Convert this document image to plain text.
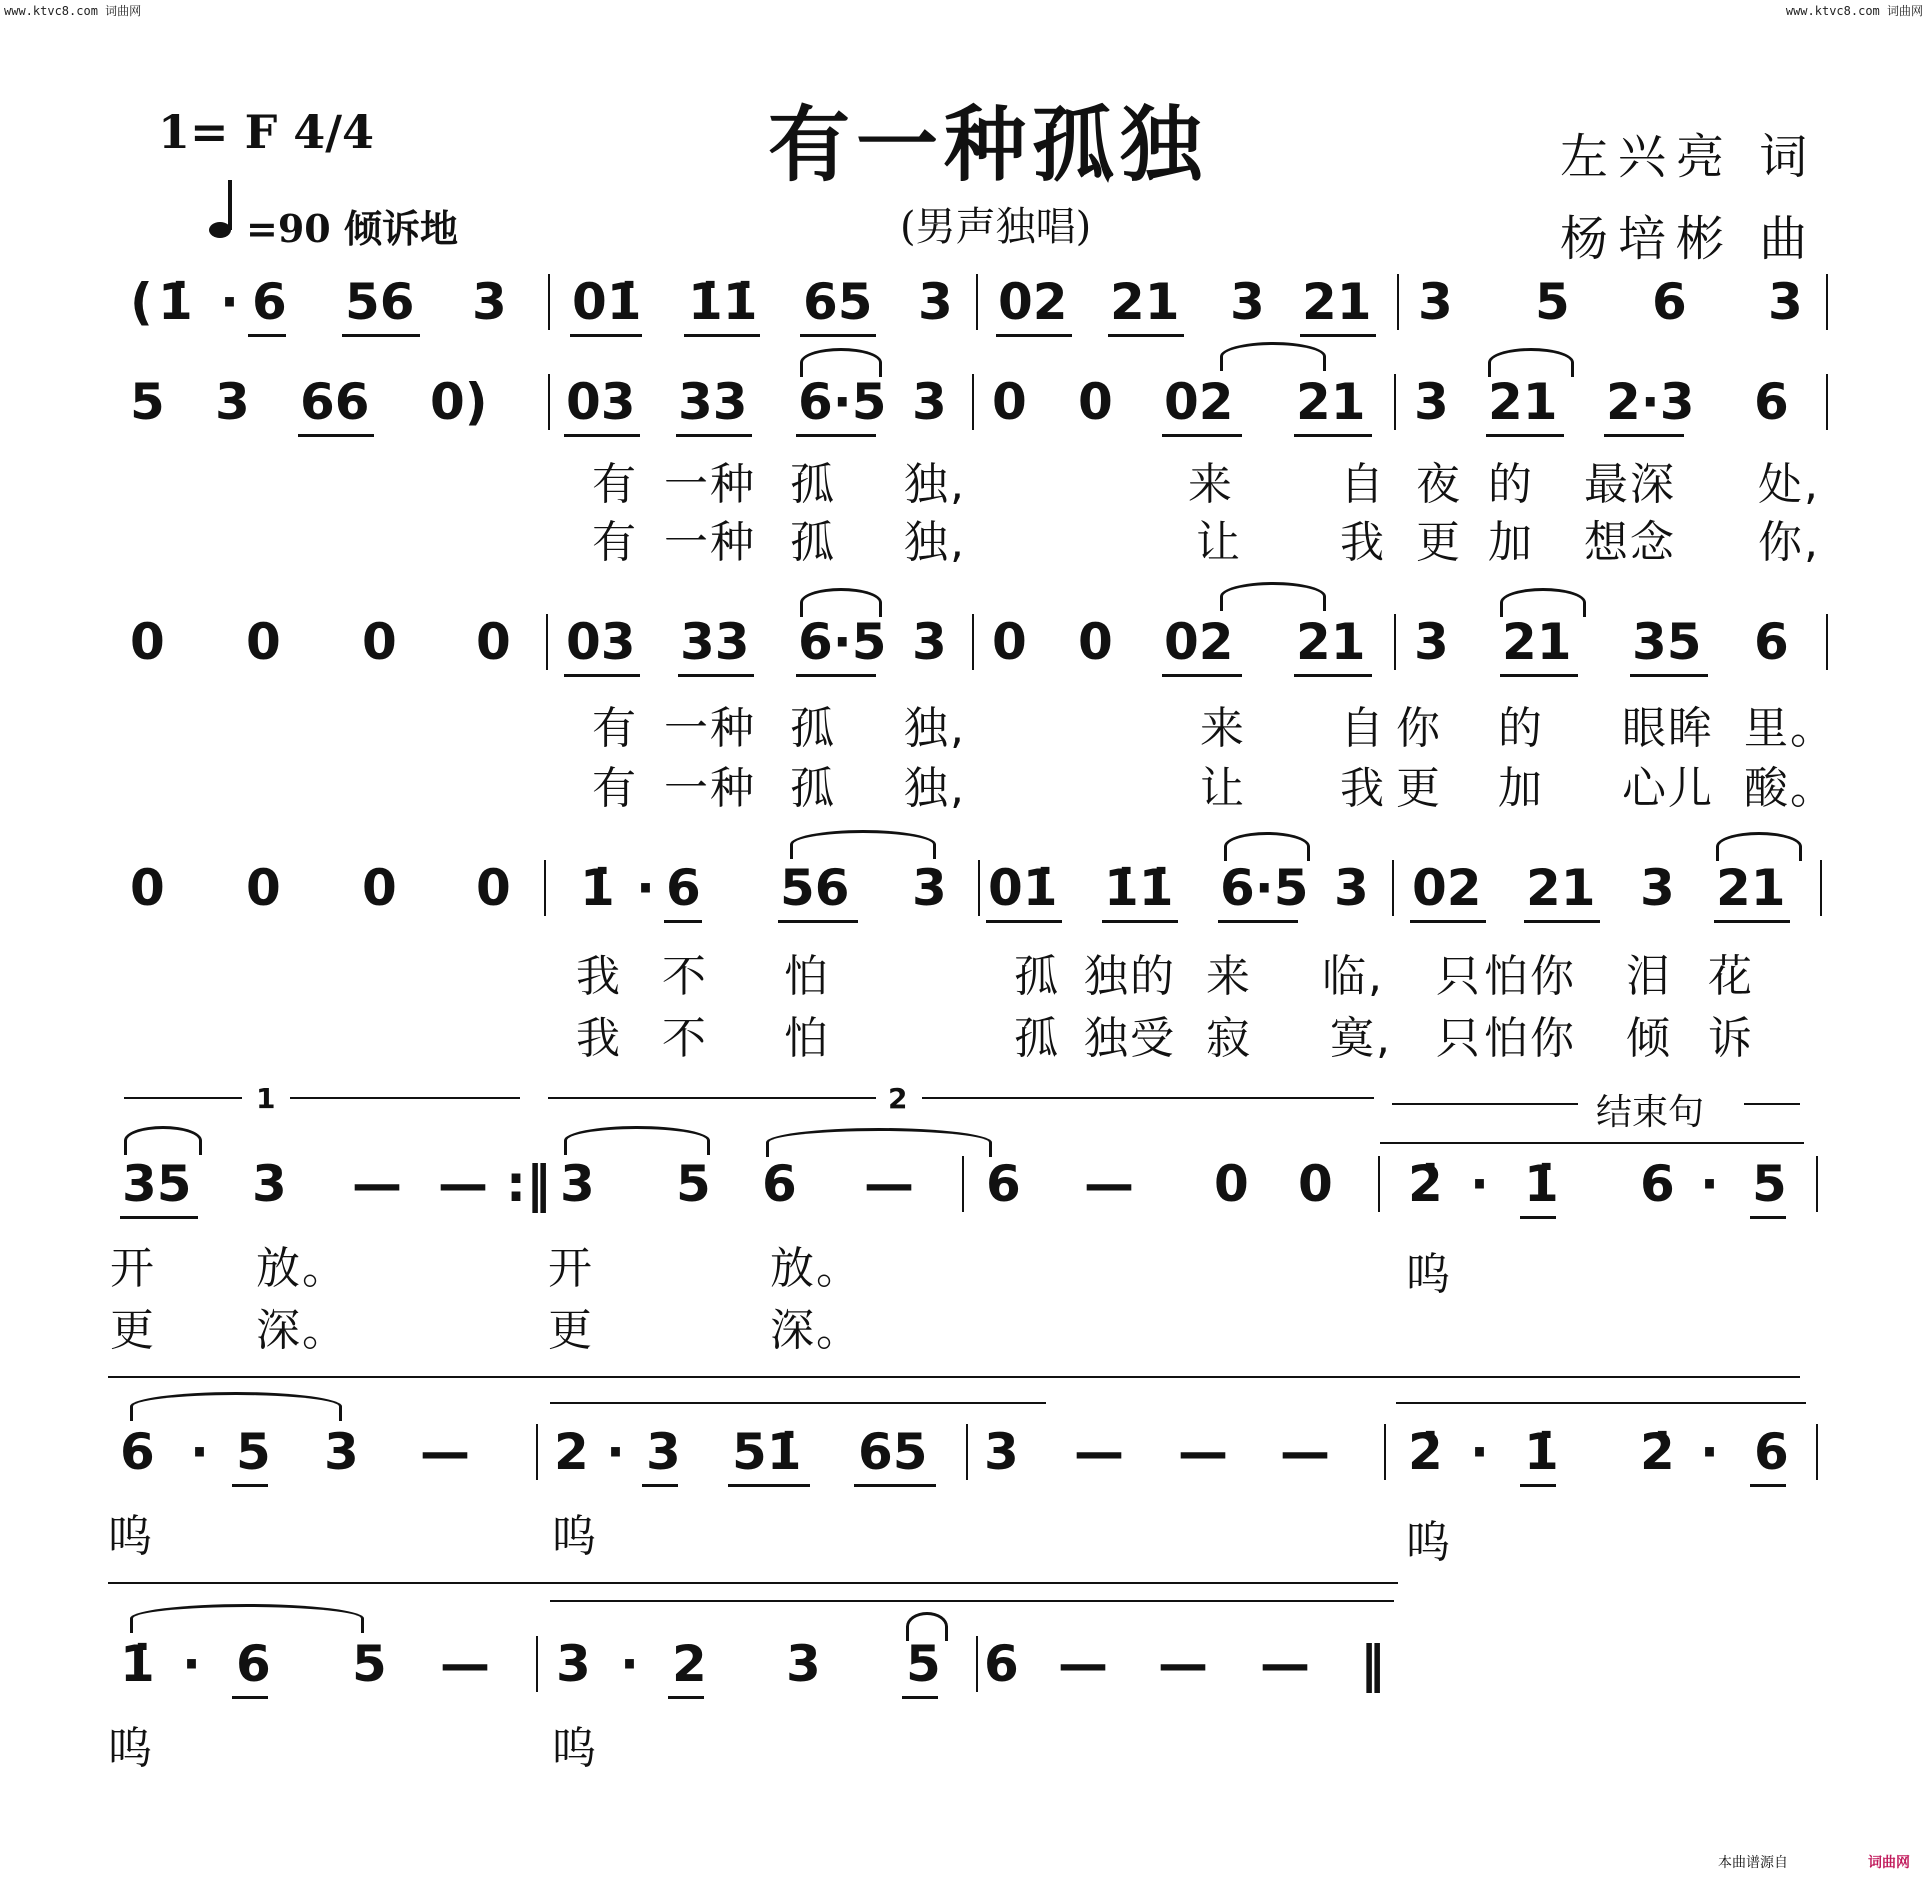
www.ktvc8.com 词曲网	www.ktvc8.com 词曲网
有一种孤独
(男声独唱)
1= F 4/4
=90 倾诉地
左兴亮 词
杨培彬 曲
( 1̇ · 6 56 3 01̇ 1̇1̇ 65 3 02 21 3 21 3 5 6 3
5 3 66 0) 03 33 6·5 3 0 0 02 21 3 21 2·3 6
有 一种 孤 独,	来 自 夜 的 最深 处,
有 一种 孤 独,	让 我 更 加 想念 你,
0 0 0 0 03 33 6·5 3 0 0 02 21 3 21 35 6
有 一种 孤 独,	来 自 你 的 眼眸 里。
有 一种 孤 独,	让 我 更 加 心儿 酸。
0 0 0 0 1̇ · 6 56 3 01̇ 1̇1̇ 6·5 3 02 21 3 21
我 不 怕	孤 独的 来 临, 只 怕你 泪 花
我 不 怕	孤 独受 寂 寞, 只 怕你 倾 诉
1	2	结束句
35 3 — — :‖ 3 5 6 — 6 — 0 0 2̇ · 1̇ 6 · 5
开 放。	开	放。	呜
更 深。	更	深。
6 · 5 3 — 2 · 3 51̇ 65 3 — — — 2̇ · 1̇ 2̇ · 6
呜	呜	呜
1̇ · 6 5 — 3 · 2 3 5 6 — — — ‖
呜	呜
本曲谱源自	词曲网
